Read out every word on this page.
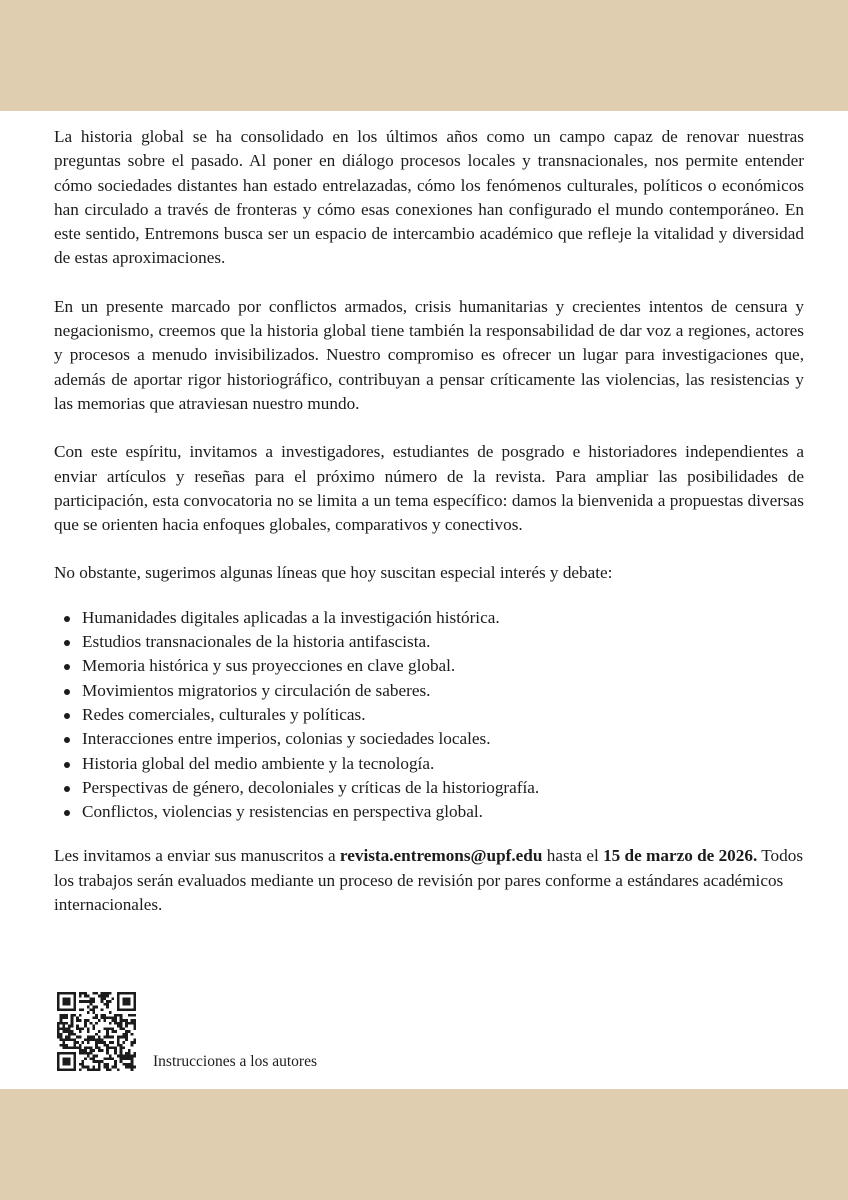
La historia global se ha consolidado en los últimos años como un campo capaz de renovar nuestras preguntas sobre el pasado. Al poner en diálogo procesos locales y transnacionales, nos permite entender cómo sociedades distantes han estado entrelazadas, cómo los fenómenos culturales, políticos o económicos han circulado a través de fronteras y cómo esas conexiones han configurado el mundo contemporáneo. En este sentido, Entremons busca ser un espacio de intercambio académico que refleje la vitalidad y diversidad de estas aproximaciones.

En un presente marcado por conflictos armados, crisis humanitarias y crecientes intentos de censura y negacionismo, creemos que la historia global tiene también la responsabilidad de dar voz a regiones, actores y procesos a menudo invisibilizados. Nuestro compromiso es ofrecer un lugar para investigaciones que, además de aportar rigor historiográfico, contribuyan a pensar críticamente las violencias, las resistencias y las memorias que atraviesan nuestro mundo.

Con este espíritu, invitamos a investigadores, estudiantes de posgrado e historiadores independientes a enviar artículos y reseñas para el próximo número de la revista. Para ampliar las posibilidades de participación, esta convocatoria no se limita a un tema específico: damos la bienvenida a propuestas diversas que se orienten hacia enfoques globales, comparativos y conectivos.

No obstante, sugerimos algunas líneas que hoy suscitan especial interés y debate:

Humanidades digitales aplicadas a la investigación histórica.
Estudios transnacionales de la historia antifascista.
Memoria histórica y sus proyecciones en clave global.
Movimientos migratorios y circulación de saberes.
Redes comerciales, culturales y políticas.
Interacciones entre imperios, colonias y sociedades locales.
Historia global del medio ambiente y la tecnología.
Perspectivas de género, decoloniales y críticas de la historiografía.
Conflictos, violencias y resistencias en perspectiva global.

Les invitamos a enviar sus manuscritos a revista.entremons@upf.edu hasta el 15 de marzo de 2026. Todos los trabajos serán evaluados mediante un proceso de revisión por pares conforme a estándares académicos internacionales.

Instrucciones a los autores
